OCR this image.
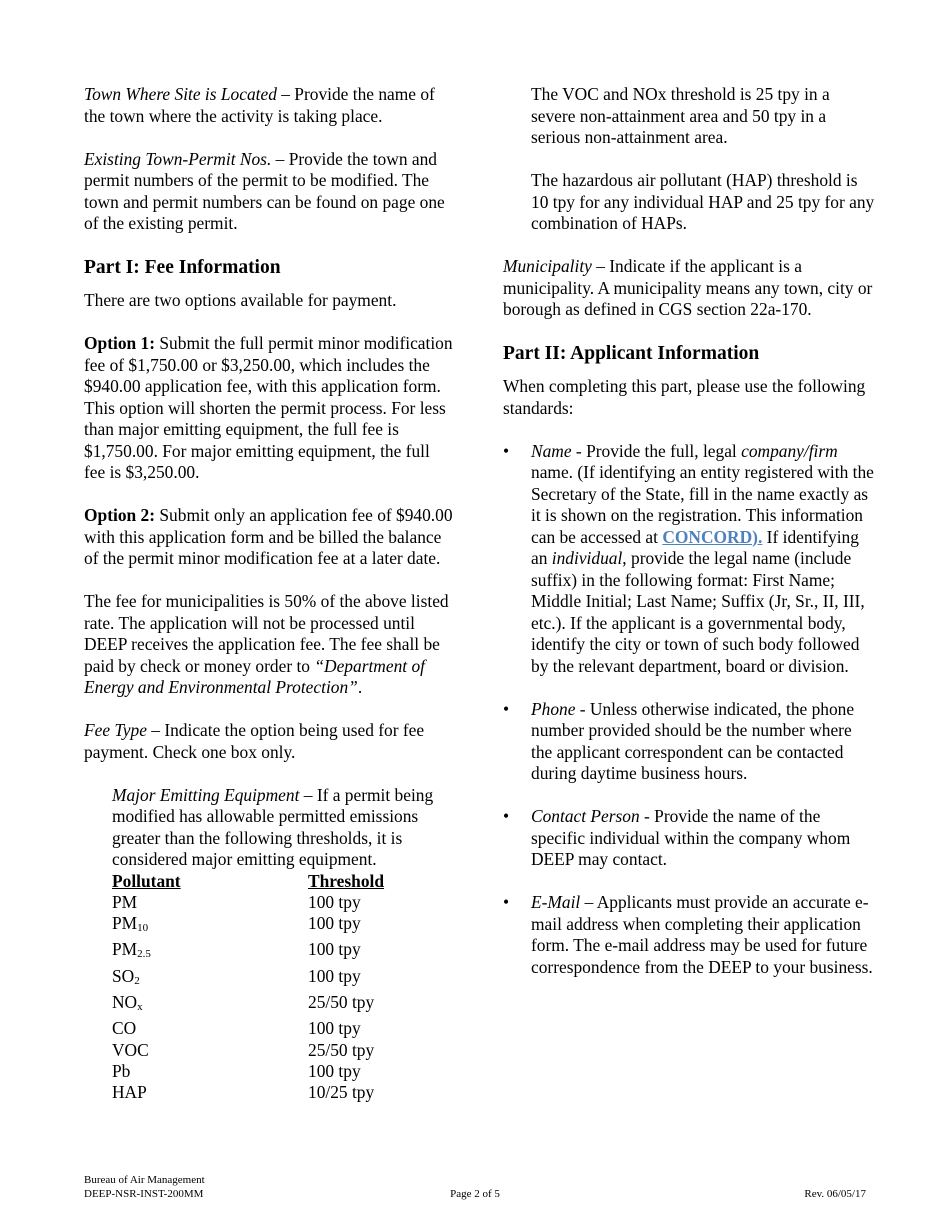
Town Where Site is Located – Provide the name of the town where the activity is taking place.

Existing Town-Permit Nos. – Provide the town and permit numbers of the permit to be modified. The town and permit numbers can be found on page one of the existing permit.

Part I: Fee Information

There are two options available for payment.

Option 1: Submit the full permit minor modification fee of $1,750.00 or $3,250.00, which includes the $940.00 application fee, with this application form. This option will shorten the permit process. For less than major emitting equipment, the full fee is $1,750.00. For major emitting equipment, the full fee is $3,250.00.

Option 2: Submit only an application fee of $940.00 with this application form and be billed the balance of the permit minor modification fee at a later date.

The fee for municipalities is 50% of the above listed rate. The application will not be processed until DEEP receives the application fee. The fee shall be paid by check or money order to “Department of Energy and Environmental Protection”.

Fee Type – Indicate the option being used for fee payment. Check one box only.

Major Emitting Equipment – If a permit being modified has allowable permitted emissions greater than the following thresholds, it is considered major emitting equipment.

Pollutant	Threshold
PM	100 tpy
$PM_{10}$	100 tpy
$PM_{2.5}$	100 tpy
$SO_2$	100 tpy
$NO_x$	25/50 tpy
CO	100 tpy
VOC	25/50 tpy
Pb	100 tpy
HAP	10/25 tpy

The VOC and NOx threshold is 25 tpy in a severe non-attainment area and 50 tpy in a serious non-attainment area.

The hazardous air pollutant (HAP) threshold is 10 tpy for any individual HAP and 25 tpy for any combination of HAPs.

Municipality – Indicate if the applicant is a municipality. A municipality means any town, city or borough as defined in CGS section 22a-170.

Part II: Applicant Information

When completing this part, please use the following standards:

• Name - Provide the full, legal company/firm name. (If identifying an entity registered with the Secretary of the State, fill in the name exactly as it is shown on the registration. This information can be accessed at CONCORD). If identifying an individual, provide the legal name (include suffix) in the following format: First Name; Middle Initial; Last Name; Suffix (Jr, Sr., II, III, etc.). If the applicant is a governmental body, identify the city or town of such body followed by the relevant department, board or division.
• Phone - Unless otherwise indicated, the phone number provided should be the number where the applicant correspondent can be contacted during daytime business hours.
• Contact Person - Provide the name of the specific individual within the company whom DEEP may contact.
• E-Mail – Applicants must provide an accurate e-mail address when completing their application form. The e-mail address may be used for future correspondence from the DEEP to your business.
Bureau of Air Management
DEEP-NSR-INST-200MM	Page 2 of 5	Rev. 06/05/17
